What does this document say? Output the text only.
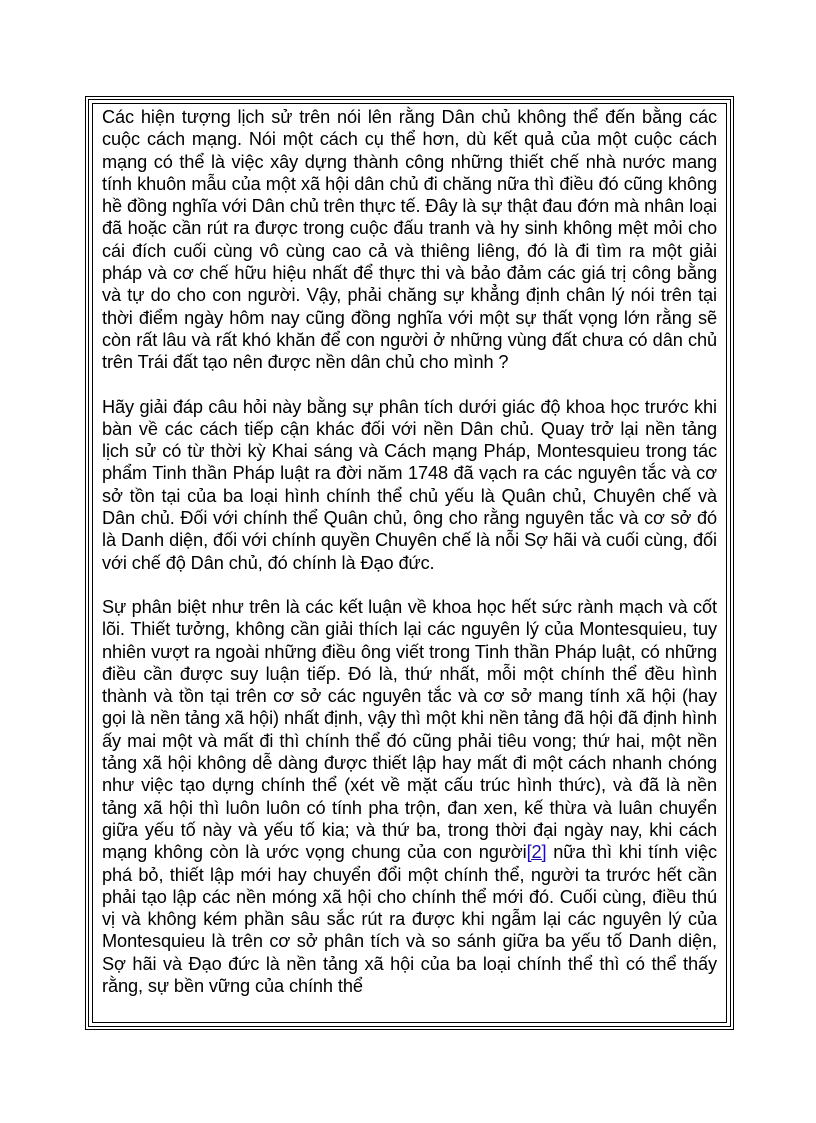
Các hiện tượng lịch sử trên nói lên rằng Dân chủ không thể đến bằng các cuộc cách mạng. Nói một cách cụ thể hơn, dù kết quả của một cuộc cách mạng có thể là việc xây dựng thành công những thiết chế nhà nước mang tính khuôn mẫu của một xã hội dân chủ đi chăng nữa thì điều đó cũng không hề đồng nghĩa với Dân chủ trên thực tế. Đây là sự thật đau đớn mà nhân loại đã hoặc cần rút ra được trong cuộc đấu tranh và hy sinh không mệt mỏi cho cái đích cuối cùng vô cùng cao cả và thiêng liêng, đó là đi tìm ra một giải pháp và cơ chế hữu hiệu nhất để thực thi và bảo đảm các giá trị công bằng và tự do cho con người. Vậy, phải chăng sự khẳng định chân lý nói trên tại thời điểm ngày hôm nay cũng đồng nghĩa với một sự thất vọng lớn rằng sẽ còn rất lâu và rất khó khăn để con người ở những vùng đất chưa có dân chủ trên Trái đất tạo nên được nền dân chủ cho mình ?

Hãy giải đáp câu hỏi này bằng sự phân tích dưới giác độ khoa học trước khi bàn về các cách tiếp cận khác đối với nền Dân chủ. Quay trở lại nền tảng lịch sử có từ thời kỳ Khai sáng và Cách mạng Pháp, Montesquieu trong tác phẩm Tinh thần Pháp luật ra đời năm 1748 đã vạch ra các nguyên tắc và cơ sở tồn tại của ba loại hình chính thể chủ yếu là Quân chủ, Chuyên chế và Dân chủ. Đối với chính thể Quân chủ, ông cho rằng nguyên tắc và cơ sở đó là Danh diện, đối với chính quyền Chuyên chế là nỗi Sợ hãi và cuối cùng, đối với chế độ Dân chủ, đó chính là Đạo đức.

Sự phân biệt như trên là các kết luận về khoa học hết sức rành mạch và cốt lõi. Thiết tưởng, không cần giải thích lại các nguyên lý của Montesquieu, tuy nhiên vượt ra ngoài những điều ông viết trong Tinh thần Pháp luật, có những điều cần được suy luận tiếp. Đó là, thứ nhất, mỗi một chính thể đều hình thành và tồn tại trên cơ sở các nguyên tắc và cơ sở mang tính xã hội (hay gọi là nền tảng xã hội) nhất định, vậy thì một khi nền tảng đã hội đã định hình ấy mai một và mất đi thì chính thể đó cũng phải tiêu vong; thứ hai, một nền tảng xã hội không dễ dàng được thiết lập hay mất đi một cách nhanh chóng như việc tạo dựng chính thể (xét về mặt cấu trúc hình thức), và đã là nền tảng xã hội thì luôn luôn có tính pha trộn, đan xen, kế thừa và luân chuyển giữa yếu tố này và yếu tố kia; và thứ ba, trong thời đại ngày nay, khi cách mạng không còn là ước vọng chung của con người[2] nữa thì khi tính việc phá bỏ, thiết lập mới hay chuyển đổi một chính thể, người ta trước hết cần phải tạo lập các nền móng xã hội cho chính thể mới đó. Cuối cùng, điều thú vị và không kém phần sâu sắc rút ra được khi ngẫm lại các nguyên lý của Montesquieu là trên cơ sở phân tích và so sánh giữa ba yếu tố Danh diện, Sợ hãi và Đạo đức là nền tảng xã hội của ba loại chính thể thì có thể thấy rằng, sự bền vững của chính thể
